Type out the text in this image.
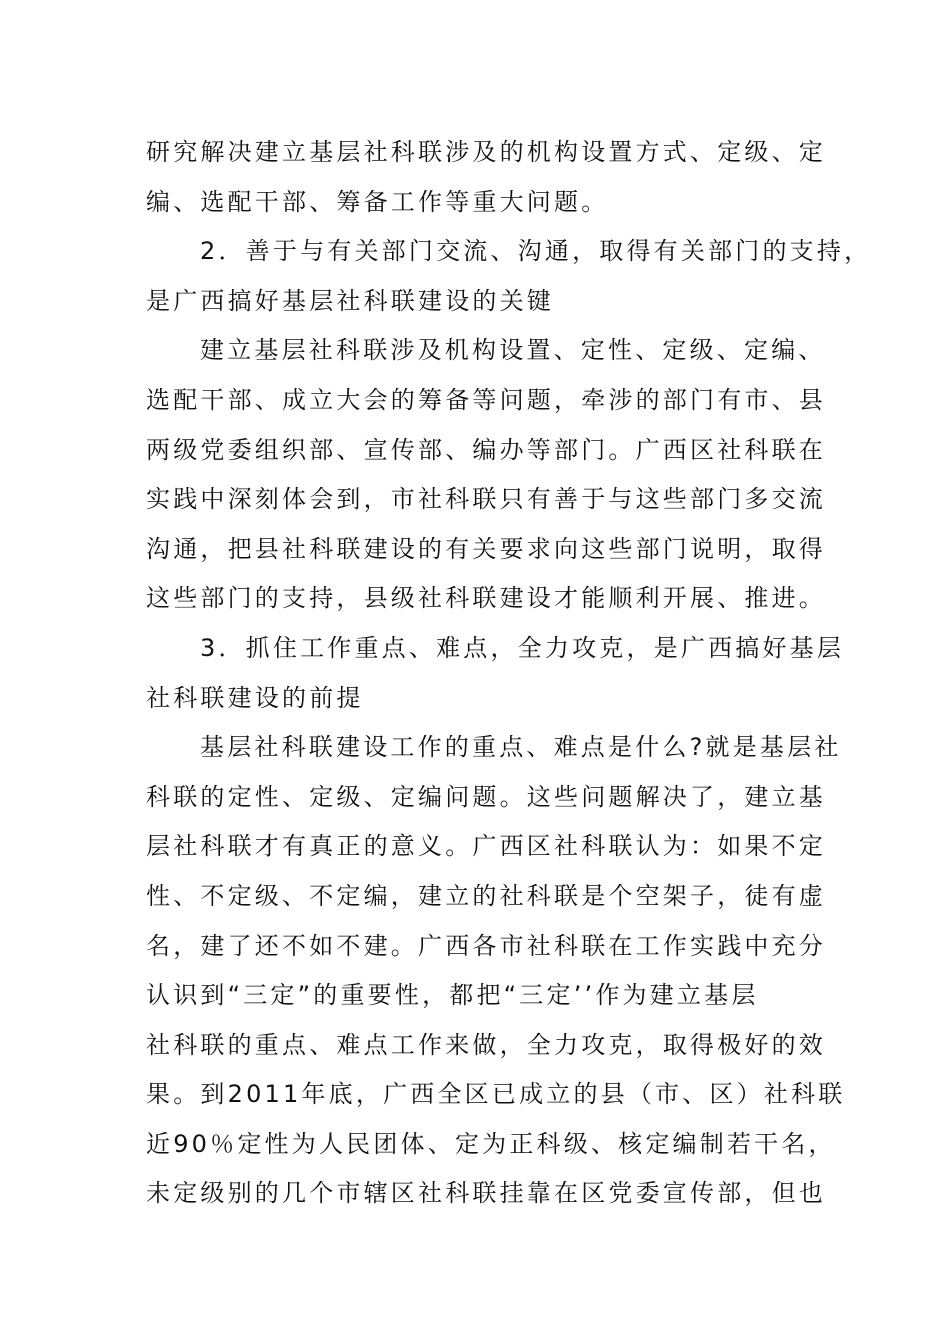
研究解决建立基层社科联涉及的机构设置方式、定级、定
编、选配干部、筹备工作等重大问题。
2．善于与有关部门交流、沟通，取得有关部门的支持，
是广西搞好基层社科联建设的关键
建立基层社科联涉及机构设置、定性、定级、定编、
选配干部、成立大会的筹备等问题，牵涉的部门有市、县
两级党委组织部、宣传部、编办等部门。广西区社科联在
实践中深刻体会到，市社科联只有善于与这些部门多交流
沟通，把县社科联建设的有关要求向这些部门说明，取得
这些部门的支持，县级社科联建设才能顺利开展、推进。
3．抓住工作重点、难点，全力攻克，是广西搞好基层
社科联建设的前提
基层社科联建设工作的重点、难点是什么?就是基层社
科联的定性、定级、定编问题。这些问题解决了，建立基
层社科联才有真正的意义。广西区社科联认为：如果不定
性、不定级、不定编，建立的社科联是个空架子，徒有虚
名，建了还不如不建。广西各市社科联在工作实践中充分
认识到“三定”的重要性，都把“三定’’作为建立基层
社科联的重点、难点工作来做，全力攻克，取得极好的效
果。到2011年底，广西全区已成立的县（市、区）社科联
近90％定性为人民团体、定为正科级、核定编制若干名，
未定级别的几个市辖区社科联挂靠在区党委宣传部，但也
